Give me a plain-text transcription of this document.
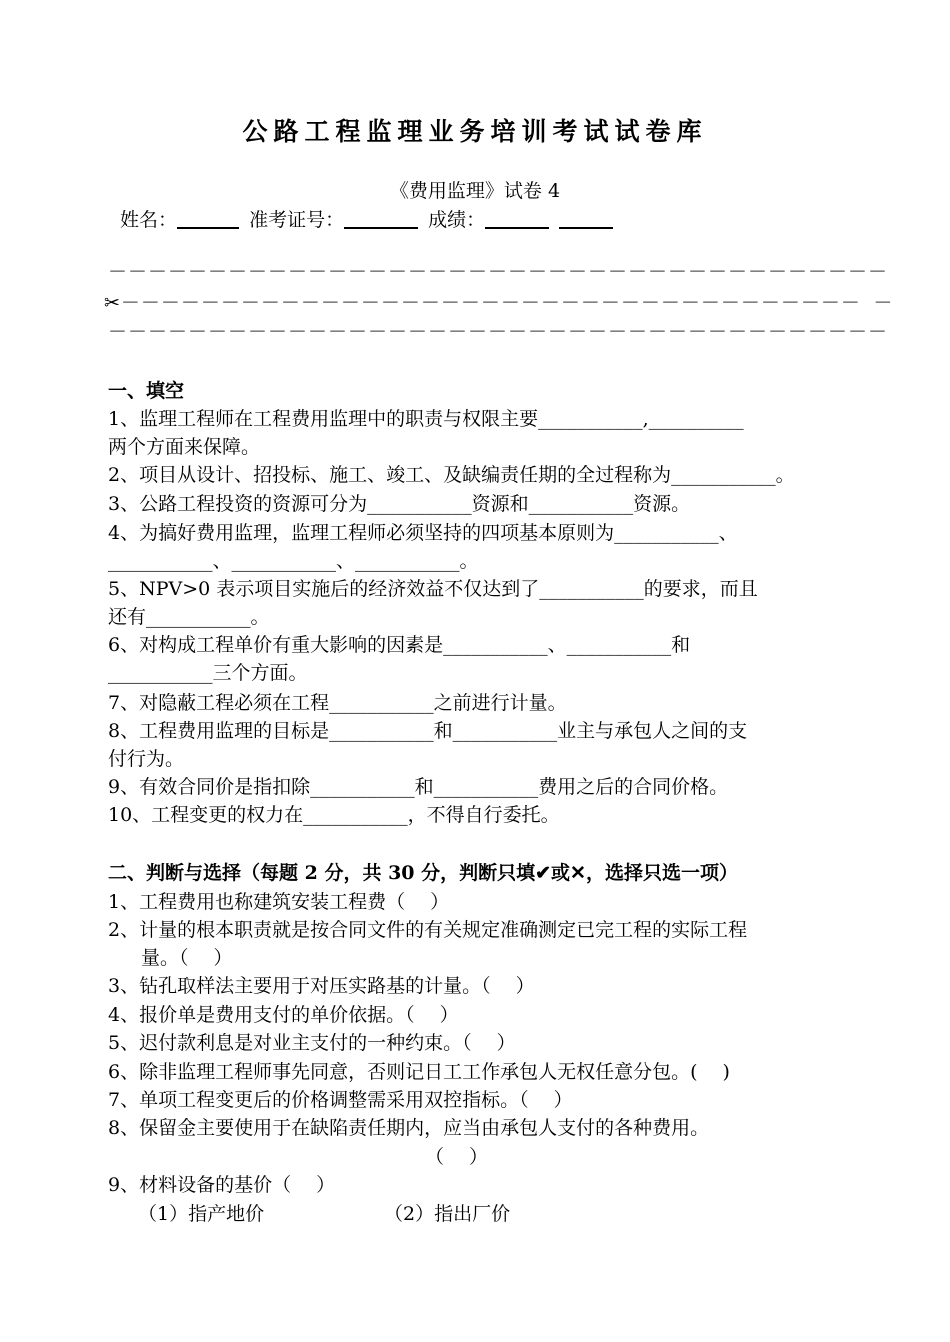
公路工程监理业务培训考试试卷库
《费用监理》试卷 4
姓名：	准考证号：	成绩：
－－－－－－－－－－－－－－－－－－－－－－－－－－－－－－－－－－－－－－－
✂－－－－－－－－－－－－－－－－－－－－－－－－－－－－－－－－－－－－－ －
－－－－－－－－－－－－－－－－－－－－－－－－－－－－－－－－－－－－－－－
一、填空
1、监理工程师在工程费用监理中的职责与权限主要___________,__________
两个方面来保障。
2、项目从设计、招投标、施工、竣工、及缺编责任期的全过程称为___________。
3、公路工程投资的资源可分为___________资源和___________资源。
4、为搞好费用监理，监理工程师必须坚持的四项基本原则为___________、
___________、___________、___________。
5、NPV>0 表示项目实施后的经济效益不仅达到了___________的要求，而且
还有___________。
6、对构成工程单价有重大影响的因素是___________、___________和
___________三个方面。
7、对隐蔽工程必须在工程___________之前进行计量。
8、工程费用监理的目标是___________和___________业主与承包人之间的支
付行为。
9、有效合同价是指扣除___________和___________费用之后的合同价格。
10、工程变更的权力在___________，不得自行委托。
二、判断与选择（每题 2 分，共 30 分，判断只填✔或✕，选择只选一项）
1、工程费用也称建筑安装工程费（　 ）
2、计量的根本职责就是按合同文件的有关规定准确测定已完工程的实际工程
量。（　 ）
3、钻孔取样法主要用于对压实路基的计量。（　 ）
4、报价单是费用支付的单价依据。（　 ）
5、迟付款利息是对业主支付的一种约束。（　 ）
6、除非监理工程师事先同意，否则记日工工作承包人无权任意分包。(　 )
7、单项工程变更后的价格调整需采用双控指标。（　 ）
8、保留金主要使用于在缺陷责任期内，应当由承包人支付的各种费用。
（　 ）
9、材料设备的基价（　 ）
（1）指产地价	（2）指出厂价
